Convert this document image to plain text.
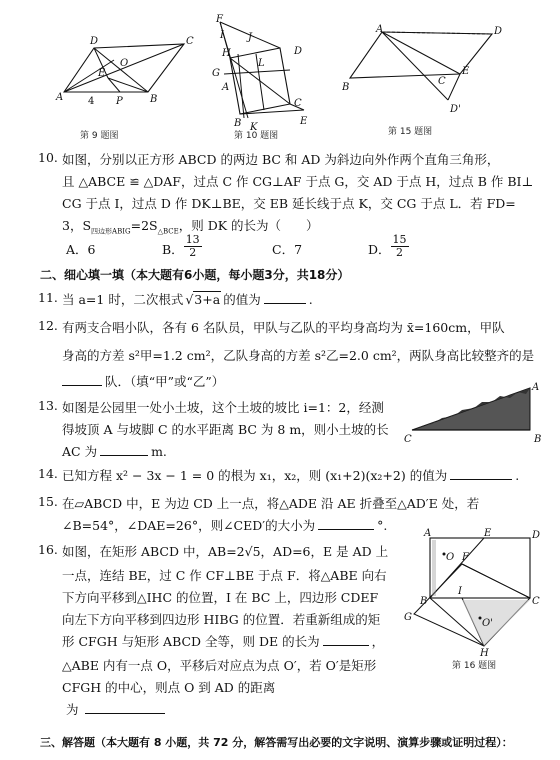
A	B
C
D
E
O
P
4
第 9 题图
F
I
H
J
L
G
A
D
B
C
K
E
第 10 题图
A	D
E
B
C
D'
第 15 题图
10. 如图，分别以正方形 ABCD 的两边 BC 和 AD 为斜边向外作两个直角三角形，
且 △ABCE ≌ △DAF，过点 C 作 CG⊥AF 于点 G，交 AD 于点 H，过点 B 作 BI⊥
CG 于点 I，过点 D 作 DK⊥BE，交 EB 延长线于点 K，交 CG 于点 L．若 FD=
3，$S_{四边形ABIG}=2S_{\triangle BCE}$，则 DK 的长为（　　）
A．6	B． $\frac{13}{2}$	C．7	D． $\frac{15}{2}$
二、细心填一填（本大题有6小题，每小题3分，共18分）
11. 当 a=1 时，二次根式 √3+a 的值为	.
12. 有两支合唱小队，各有 6 名队员，甲队与乙队的平均身高均为 x̄=160cm，甲队
身高的方差 s²甲=1.2 cm²，乙队身高的方差 s²乙=2.0 cm²，两队身高比较整齐的是
队．（填“甲”或“乙”）
13. 如图是公园里一处小土坡，这个土坡的坡比 i=1：2，经测
得坡顶 A 与坡脚 C 的水平距离 BC 为 8 m，则小土坡的长
AC 为	m.
C
A
B
14. 已知方程 x² − 3x − 1 = 0 的根为 x₁，x₂，则 (x₁+2)(x₂+2) 的值为	.
15. 在▱ABCD 中，E 为边 CD 上一点，将△ADE 沿 AE 折叠至△AD′E 处，若
∠B=54°，∠DAE=26°，则∠CED′的大小为	°.
16. 如图，在矩形 ABCD 中，AB=2√5，AD=6，E 是 AD 上
一点，连结 BE，过 C 作 CF⊥BE 于点 F．将△ABE 向右
下方向平移到△IHC 的位置，I 在 BC 上，四边形 CDEF
向左下方向平移到四边形 HIBG 的位置．若重新组成的矩
形 CFGH 与矩形 ABCD 全等，则 DE 的长为	，
△ABE 内有一点 O，平移后对应点为点 O′，若 O′是矩形
CFGH 的中心，则点 O 到 AD 的距离
为
A	E	D
O F
B
I
C
G
O'
H
第 16 题图
三、解答题（本大题有 8 小题，共 72 分，解答需写出必要的文字说明、演算步骤或证明过程）：
